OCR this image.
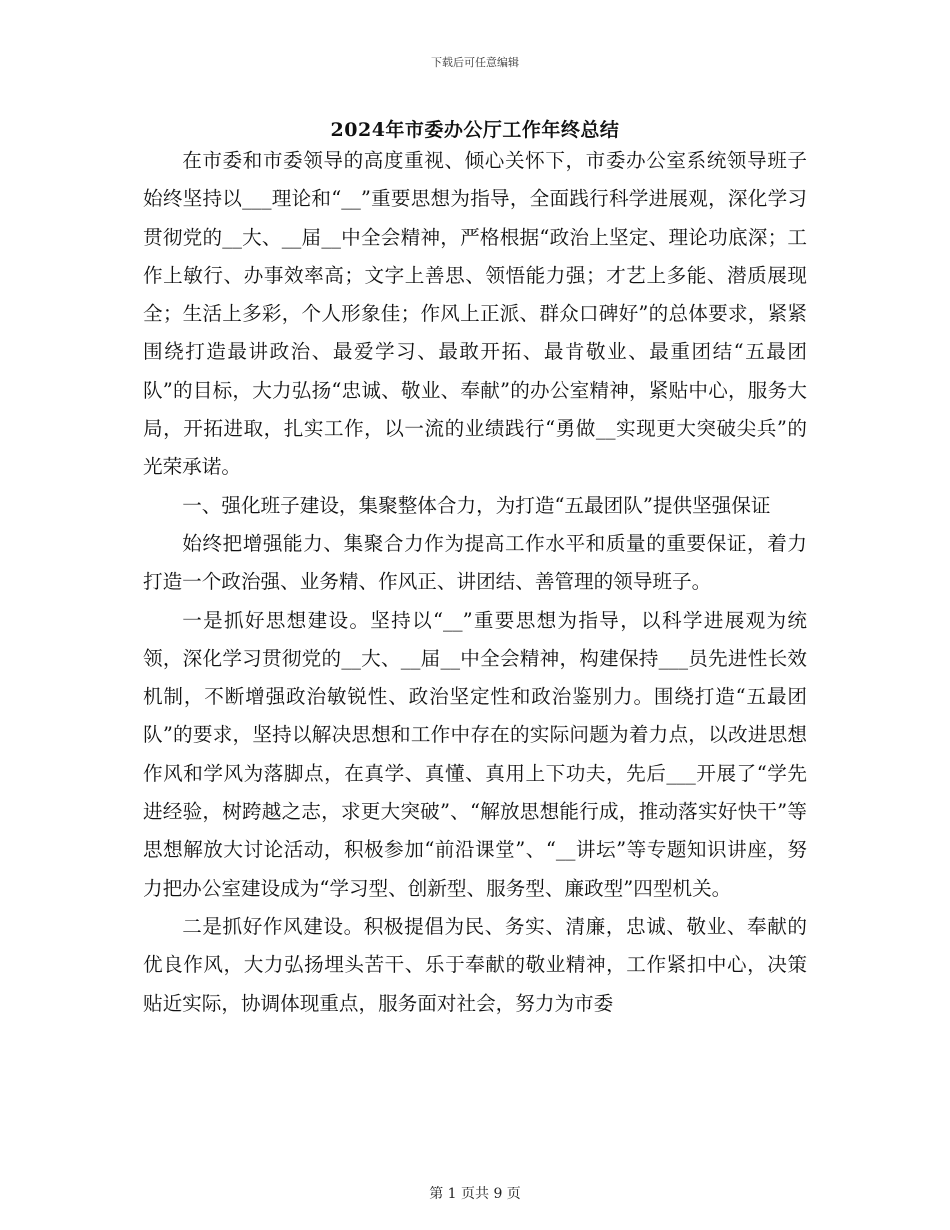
下载后可任意编辑
2024年市委办公厅工作年终总结

在市委和市委领导的高度重视、倾心关怀下，市委办公室系统领导班子始终坚持以___理论和“__”重要思想为指导，全面践行科学进展观，深化学习贯彻党的__大、__届__中全会精神，严格根据“政治上坚定、理论功底深；工作上敏行、办事效率高；文字上善思、领悟能力强；才艺上多能、潜质展现全；生活上多彩，个人形象佳；作风上正派、群众口碑好”的总体要求，紧紧围绕打造最讲政治、最爱学习、最敢开拓、最肯敬业、最重团结“五最团队”的目标，大力弘扬“忠诚、敬业、奉献”的办公室精神，紧贴中心，服务大局，开拓进取，扎实工作，以一流的业绩践行“勇做__实现更大突破尖兵”的光荣承诺。

一、强化班子建设，集聚整体合力，为打造“五最团队”提供坚强保证

始终把增强能力、集聚合力作为提高工作水平和质量的重要保证，着力打造一个政治强、业务精、作风正、讲团结、善管理的领导班子。

一是抓好思想建设。坚持以“__”重要思想为指导，以科学进展观为统领，深化学习贯彻党的__大、__届__中全会精神，构建保持___员先进性长效机制，不断增强政治敏锐性、政治坚定性和政治鉴别力。围绕打造“五最团队”的要求，坚持以解决思想和工作中存在的实际问题为着力点，以改进思想作风和学风为落脚点，在真学、真懂、真用上下功夫，先后___开展了“学先进经验，树跨越之志，求更大突破”、“解放思想能行成，推动落实好快干”等思想解放大讨论活动，积极参加“前沿课堂”、“__讲坛”等专题知识讲座，努力把办公室建设成为“学习型、创新型、服务型、廉政型”四型机关。

二是抓好作风建设。积极提倡为民、务实、清廉，忠诚、敬业、奉献的优良作风，大力弘扬埋头苦干、乐于奉献的敬业精神，工作紧扣中心，决策贴近实际，协调体现重点，服务面对社会，努力为市委

第 1 页共 9 页
